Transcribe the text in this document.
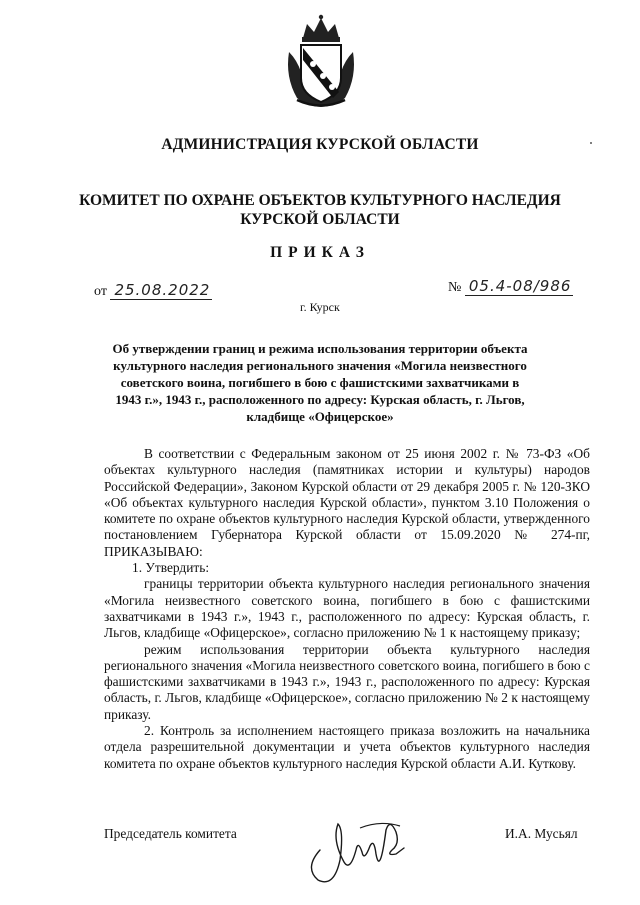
АДМИНИСТРАЦИЯ КУРСКОЙ ОБЛАСТИ
КОМИТЕТ ПО ОХРАНЕ ОБЪЕКТОВ КУЛЬТУРНОГО НАСЛЕДИЯ
КУРСКОЙ ОБЛАСТИ
ПРИКАЗ
от 25.08.2022	№ 05.4-08/986
г. Курск
Об утверждении границ и режима использования территории объекта культурного наследия регионального значения «Могила неизвестного советского воина, погибшего в бою с фашистскими захватчиками в 1943 г.», 1943 г., расположенного по адресу: Курская область, г. Льгов, кладбище «Офицерское»

В соответствии с Федеральным законом от 25 июня 2002 г. № 73-ФЗ «Об объектах культурного наследия (памятниках истории и культуры) народов Российской Федерации», Законом Курской области от 29 декабря 2005 г. № 120-ЗКО «Об объектах культурного наследия Курской области», пунктом 3.10 Положения о комитете по охране объектов культурного наследия Курской области, утвержденного постановлением Губернатора Курской области от 15.09.2020 № 274-пг, ПРИКАЗЫВАЮ:

1. Утвердить:

границы территории объекта культурного наследия регионального значения «Могила неизвестного советского воина, погибшего в бою с фашистскими захватчиками в 1943 г.», 1943 г., расположенного по адресу: Курская область, г. Льгов, кладбище «Офицерское», согласно приложению № 1 к настоящему приказу;

режим использования территории объекта культурного наследия регионального значения «Могила неизвестного советского воина, погибшего в бою с фашистскими захватчиками в 1943 г.», 1943 г., расположенного по адресу: Курская область, г. Льгов, кладбище «Офицерское», согласно приложению № 2 к настоящему приказу.

2. Контроль за исполнением настоящего приказа возложить на начальника отдела разрешительной документации и учета объектов культурного наследия комитета по охране объектов культурного наследия Курской области А.И. Куткову.

Председатель комитета	И.А. Мусьял
